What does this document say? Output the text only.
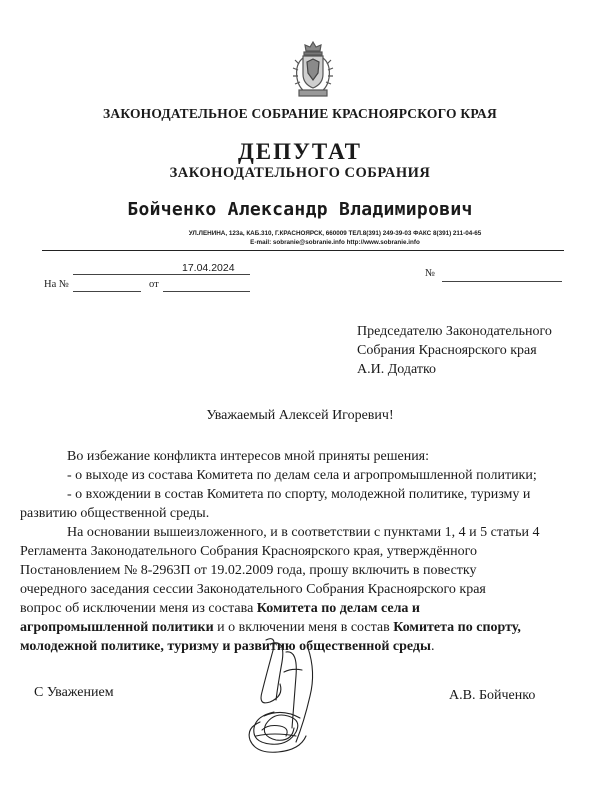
ЗАКОНОДАТЕЛЬНОЕ СОБРАНИЕ КРАСНОЯРСКОГО КРАЯ
ДЕПУТАТ
ЗАКОНОДАТЕЛЬНОГО СОБРАНИЯ
Бойченко Александр Владимирович
УЛ.ЛЕНИНА, 123а, КАБ.310, Г.КРАСНОЯРСК, 660009 ТЕЛ.8(391) 249-39-03 ФАКС 8(391) 211-04-65
E-mail: sobranie@sobranie.info http://www.sobranie.info
17.04.2024	№
На №	от
Председателю Законодательного
Собрания Красноярского края
А.И. Додатко
Уважаемый Алексей Игоревич!
Во избежание конфликта интересов мной приняты решения:
- о выходе из состава Комитета по делам села и агропромышленной политики;
- о вхождении в состав Комитета по спорту, молодежной политике, туризму и
развитию общественной среды.
На основании вышеизложенного, и в соответствии с пунктами 1, 4 и 5 статьи 4
Регламента Законодательного Собрания Красноярского края, утверждённого
Постановлением № 8-2963П от 19.02.2009 года, прошу включить в повестку
очередного заседания сессии Законодательного Собрания Красноярского края
вопрос об исключении меня из состава Комитета по делам села и
агропромышленной политики и о включении меня в состав Комитета по спорту,
молодежной политике, туризму и развитию общественной среды.
С Уважением	А.В. Бойченко
